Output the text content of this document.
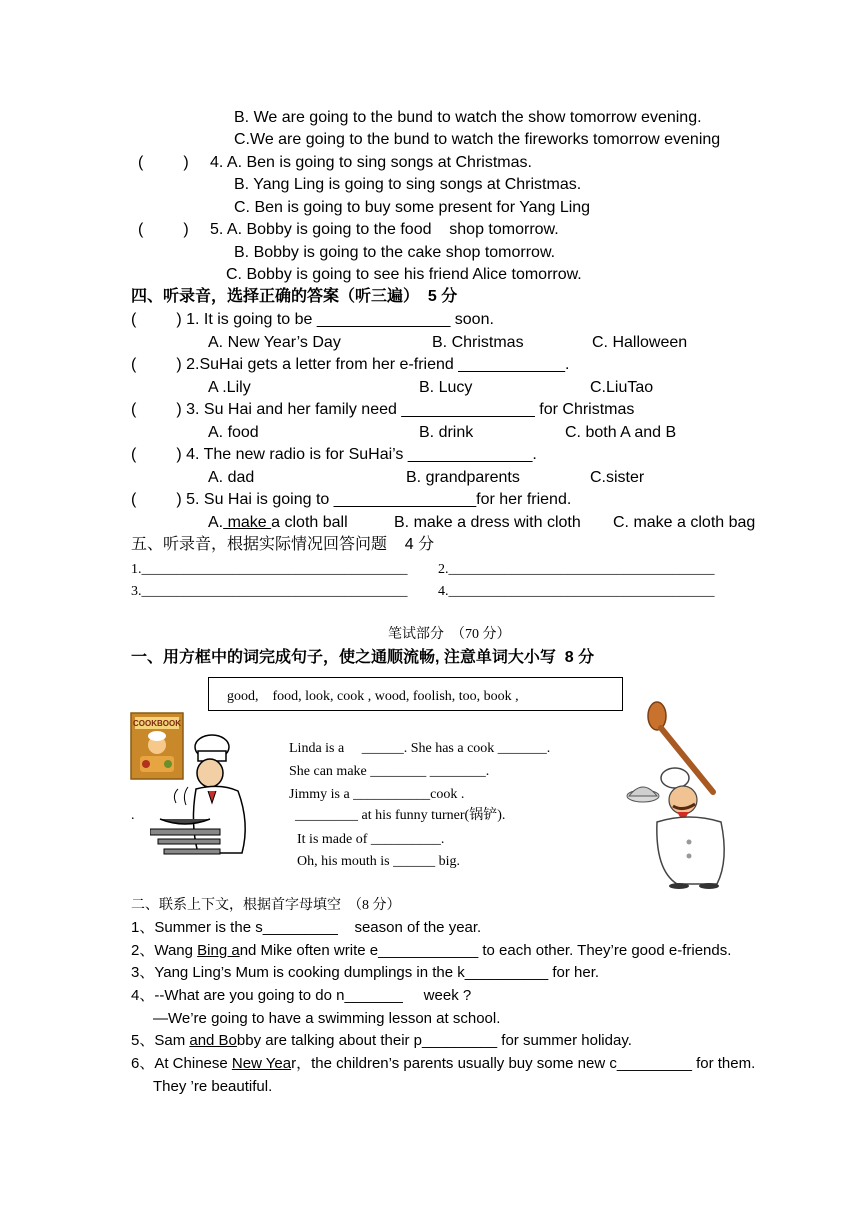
B. We are going to the bund to watch the show tomorrow evening.
C.We are going to the bund to watch the fireworks tomorrow evening
(         ) 4. A. Ben is going to sing songs at Christmas.
B. Yang Ling is going to sing songs at Christmas.
C. Ben is going to buy some present for Yang Ling
(         ) 5. A. Bobby is going to the food    shop tomorrow.
B. Bobby is going to the cake shop tomorrow.
C. Bobby is going to see his friend Alice tomorrow.
四、听录音，选择正确的答案（听三遍）  5 分
(         ) 1. It is going to be _______________ soon.
A. New Year’s Day	B. Christmas	C. Halloween
(         ) 2.SuHai gets a letter from her e-friend ____________.
A .Lily	B. Lucy	C.LiuTao
(         ) 3. Su Hai and her family need _______________ for Christmas
A. food	B. drink	C. both A and B
(         ) 4. The new radio is for SuHai’s ______________.
A. dad	B. grandparents	C.sister
(         ) 5. Su Hai is going to ________________for her friend.
A. make a cloth ball	B. make a dress with cloth C. make a cloth bag
五、听录音，根据实际情况回答问题    4 分
1.______________________________________ 2.______________________________________
3.______________________________________ 4.______________________________________
笔试部分  （70 分）
一、用方框中的词完成句子，使之通顺流畅, 注意单词大小写  8 分
good,    food, look, cook , wood, foolish, too, book ,
COOKBOOK
.
Linda is a     ______. She has a cook _______.
She can make ________ ________.
Jimmy is a ___________cook .
_________ at his funny turner(锅铲).
It is made of __________.
Oh, his mouth is ______ big.
二、联系上下文，根据首字母填空  （8 分）
1、Summer is the s_________    season of the year.
2、Wang Bing and Mike often write e____________ to each other. They’re good e-friends.
3、Yang Ling’s Mum is cooking dumplings in the k__________ for her.
4、--What are you going to do n_______     week ?
—We’re going to have a swimming lesson at school.
5、Sam and Bobby are talking about their p_________ for summer holiday.
6、At Chinese New Year，the children’s parents usually buy some new c_________ for them.
They ’re beautiful.
